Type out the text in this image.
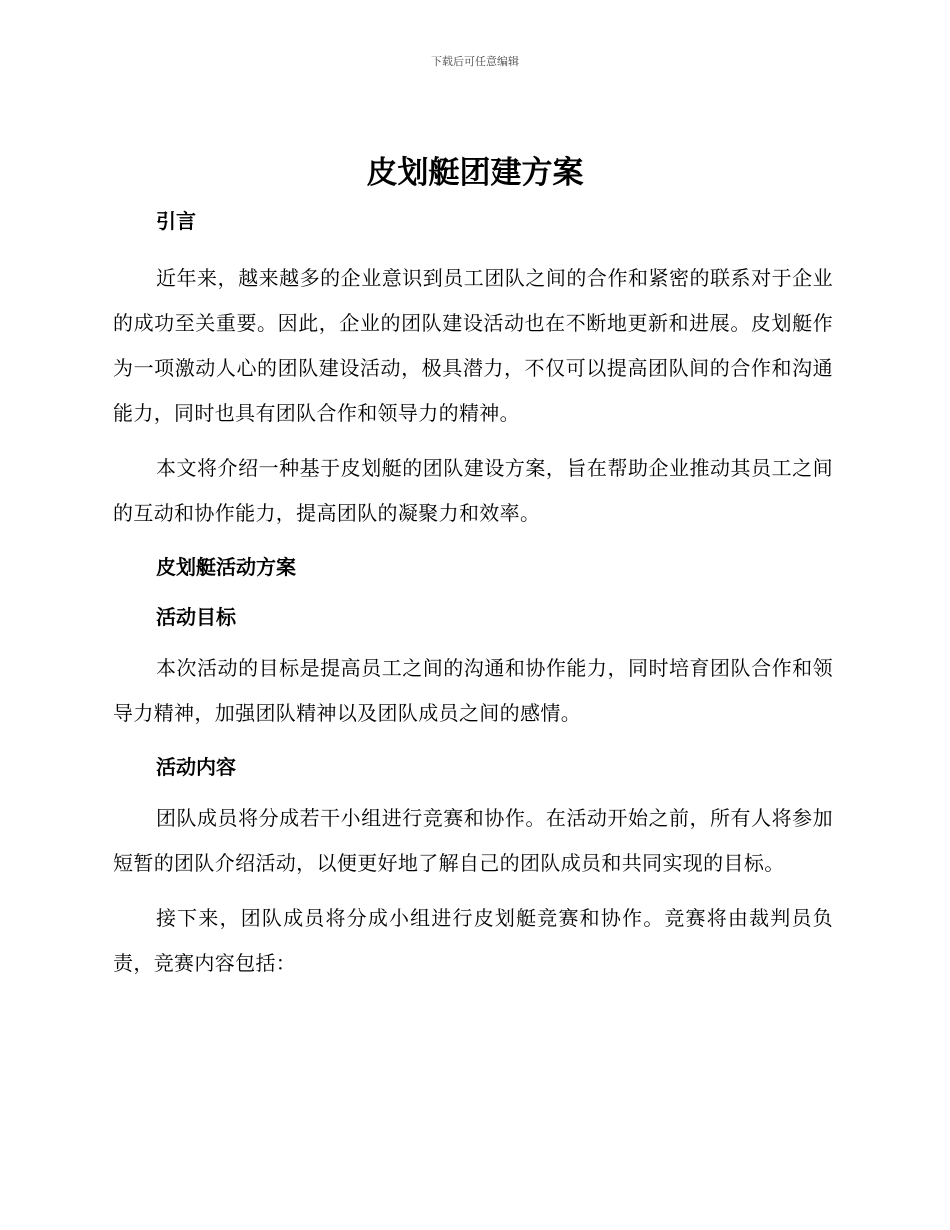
下载后可任意编辑
皮划艇团建方案
引言

近年来，越来越多的企业意识到员工团队之间的合作和紧密的联系对于企业的成功至关重要。因此，企业的团队建设活动也在不断地更新和进展。皮划艇作为一项激动人心的团队建设活动，极具潜力，不仅可以提高团队间的合作和沟通能力，同时也具有团队合作和领导力的精神。

本文将介绍一种基于皮划艇的团队建设方案，旨在帮助企业推动其员工之间的互动和协作能力，提高团队的凝聚力和效率。

皮划艇活动方案
活动目标

本次活动的目标是提高员工之间的沟通和协作能力，同时培育团队合作和领导力精神，加强团队精神以及团队成员之间的感情。

活动内容

团队成员将分成若干小组进行竞赛和协作。在活动开始之前，所有人将参加短暂的团队介绍活动，以便更好地了解自己的团队成员和共同实现的目标。

接下来，团队成员将分成小组进行皮划艇竞赛和协作。竞赛将由裁判员负责，竞赛内容包括：
